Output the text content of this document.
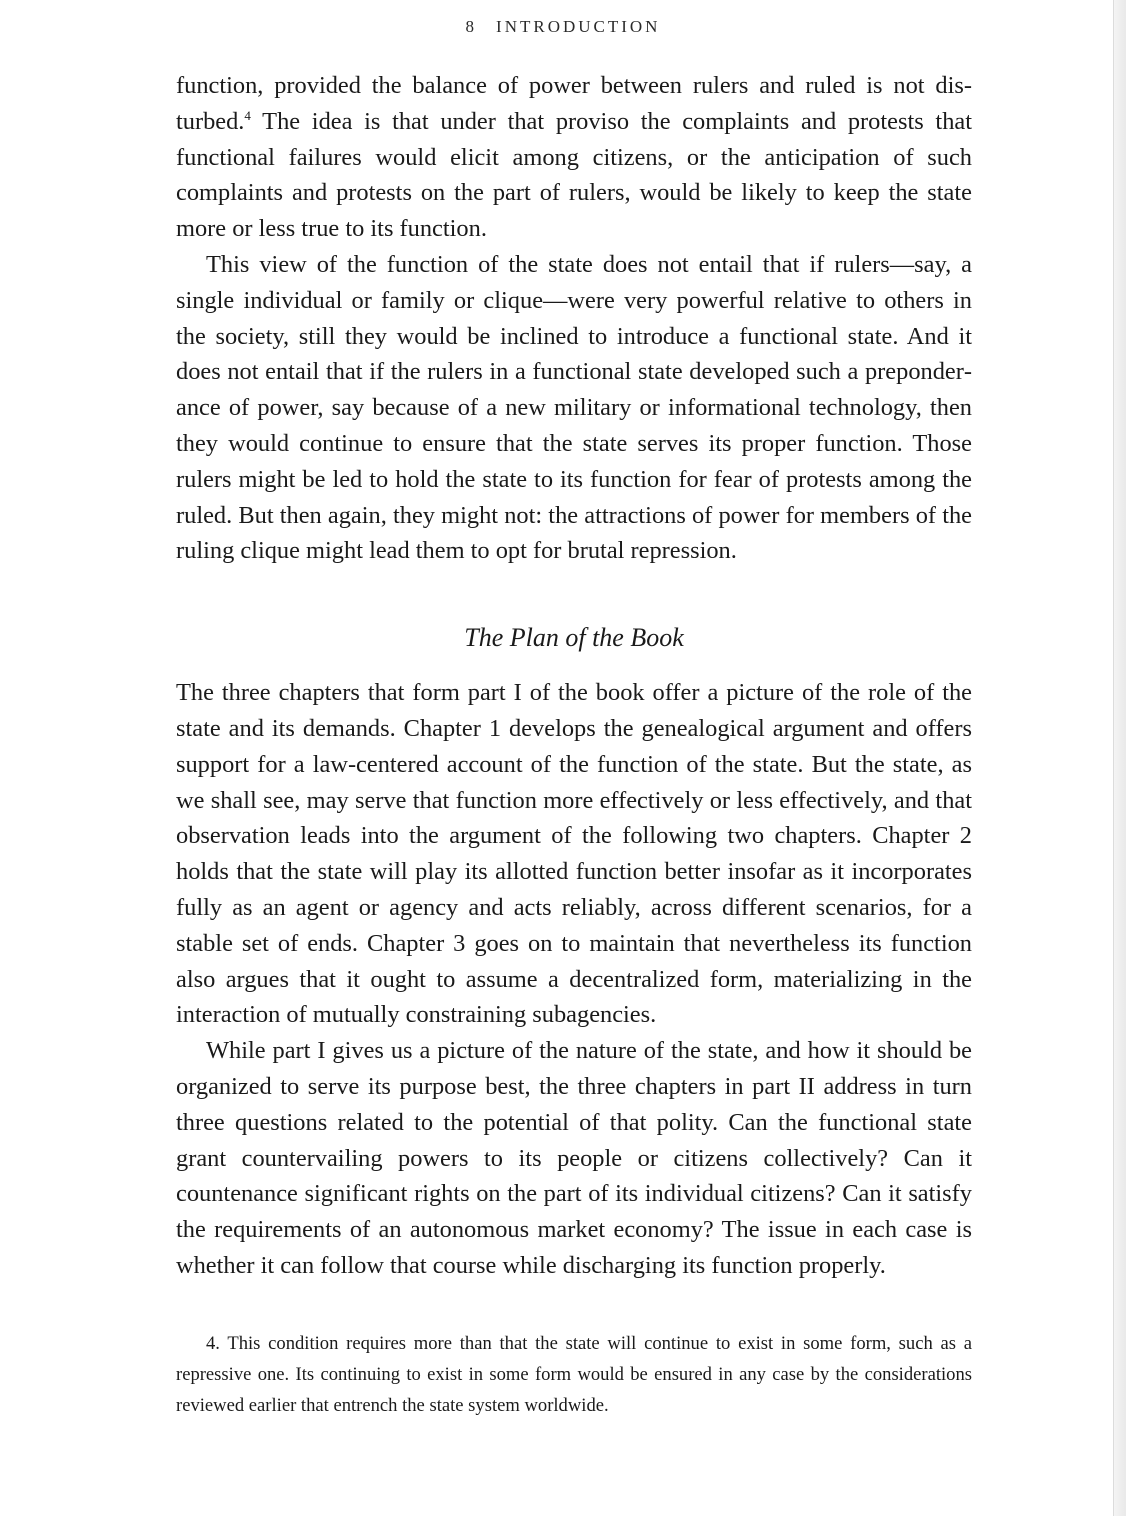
8 INTRODUCTION

function, provided the balance of power between rulers and ruled is not disturbed.$^4$ The idea is that under that proviso the complaints and protests that functional failures would elicit among citizens, or the anticipation of such complaints and protests on the part of rulers, would be likely to keep the state more or less true to its function.

This view of the function of the state does not entail that if rulers—say, a single individual or family or clique—were very powerful relative to others in the society, still they would be inclined to introduce a functional state. And it does not entail that if the rulers in a functional state developed such a preponderance of power, say because of a new military or informational technology, then they would continue to ensure that the state serves its proper function. Those rulers might be led to hold the state to its function for fear of protests among the ruled. But then again, they might not: the attractions of power for members of the ruling clique might lead them to opt for brutal repression.

The Plan of the Book

The three chapters that form part I of the book offer a picture of the role of the state and its demands. Chapter 1 develops the genealogical argument and offers support for a law-centered account of the function of the state. But the state, as we shall see, may serve that function more effectively or less effectively, and that observation leads into the argument of the following two chapters. Chapter 2 holds that the state will play its allotted function better insofar as it incorporates fully as an agent or agency and acts reliably, across different scenarios, for a stable set of ends. Chapter 3 goes on to maintain that nevertheless its function also argues that it ought to assume a decentralized form, materializing in the interaction of mutually constraining subagencies.

While part I gives us a picture of the nature of the state, and how it should be organized to serve its purpose best, the three chapters in part II address in turn three questions related to the potential of that polity. Can the functional state grant countervailing powers to its people or citizens collectively? Can it countenance significant rights on the part of its individual citizens? Can it satisfy the requirements of an autonomous market economy? The issue in each case is whether it can follow that course while discharging its function properly.

4. This condition requires more than that the state will continue to exist in some form, such as a repressive one. Its continuing to exist in some form would be ensured in any case by the considerations reviewed earlier that entrench the state system worldwide.
